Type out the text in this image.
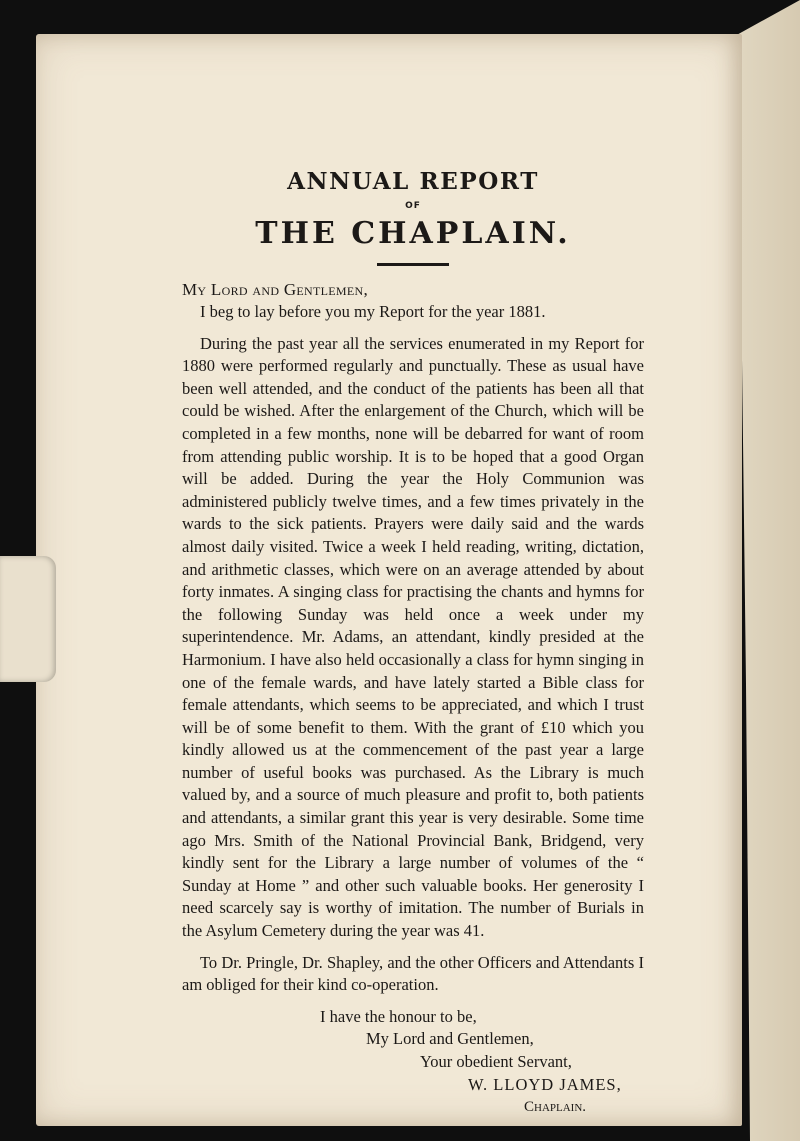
ANNUAL REPORT
OF
THE CHAPLAIN.

My Lord and Gentlemen,

I beg to lay before you my Report for the year 1881.

During the past year all the services enumerated in my Report for 1880 were performed regularly and punctually. These as usual have been well attended, and the conduct of the patients has been all that could be wished. After the enlargement of the Church, which will be completed in a few months, none will be debarred for want of room from attending public worship. It is to be hoped that a good Organ will be added. During the year the Holy Communion was administered publicly twelve times, and a few times privately in the wards to the sick patients. Prayers were daily said and the wards almost daily visited. Twice a week I held reading, writing, dictation, and arithmetic classes, which were on an average attended by about forty inmates. A singing class for practising the chants and hymns for the following Sunday was held once a week under my superintendence. Mr. Adams, an attendant, kindly presided at the Harmonium. I have also held occasionally a class for hymn singing in one of the female wards, and have lately started a Bible class for female attendants, which seems to be appreciated, and which I trust will be of some benefit to them. With the grant of £10 which you kindly allowed us at the commencement of the past year a large number of useful books was purchased. As the Library is much valued by, and a source of much pleasure and profit to, both patients and attendants, a similar grant this year is very desirable. Some time ago Mrs. Smith of the National Provincial Bank, Bridgend, very kindly sent for the Library a large number of volumes of the “ Sunday at Home ” and other such valuable books. Her generosity I need scarcely say is worthy of imitation. The number of Burials in the Asylum Cemetery during the year was 41.

To Dr. Pringle, Dr. Shapley, and the other Officers and Attendants I am obliged for their kind co-operation.

I have the honour to be,

My Lord and Gentlemen,

Your obedient Servant,

W. LLOYD JAMES,

Chaplain.
